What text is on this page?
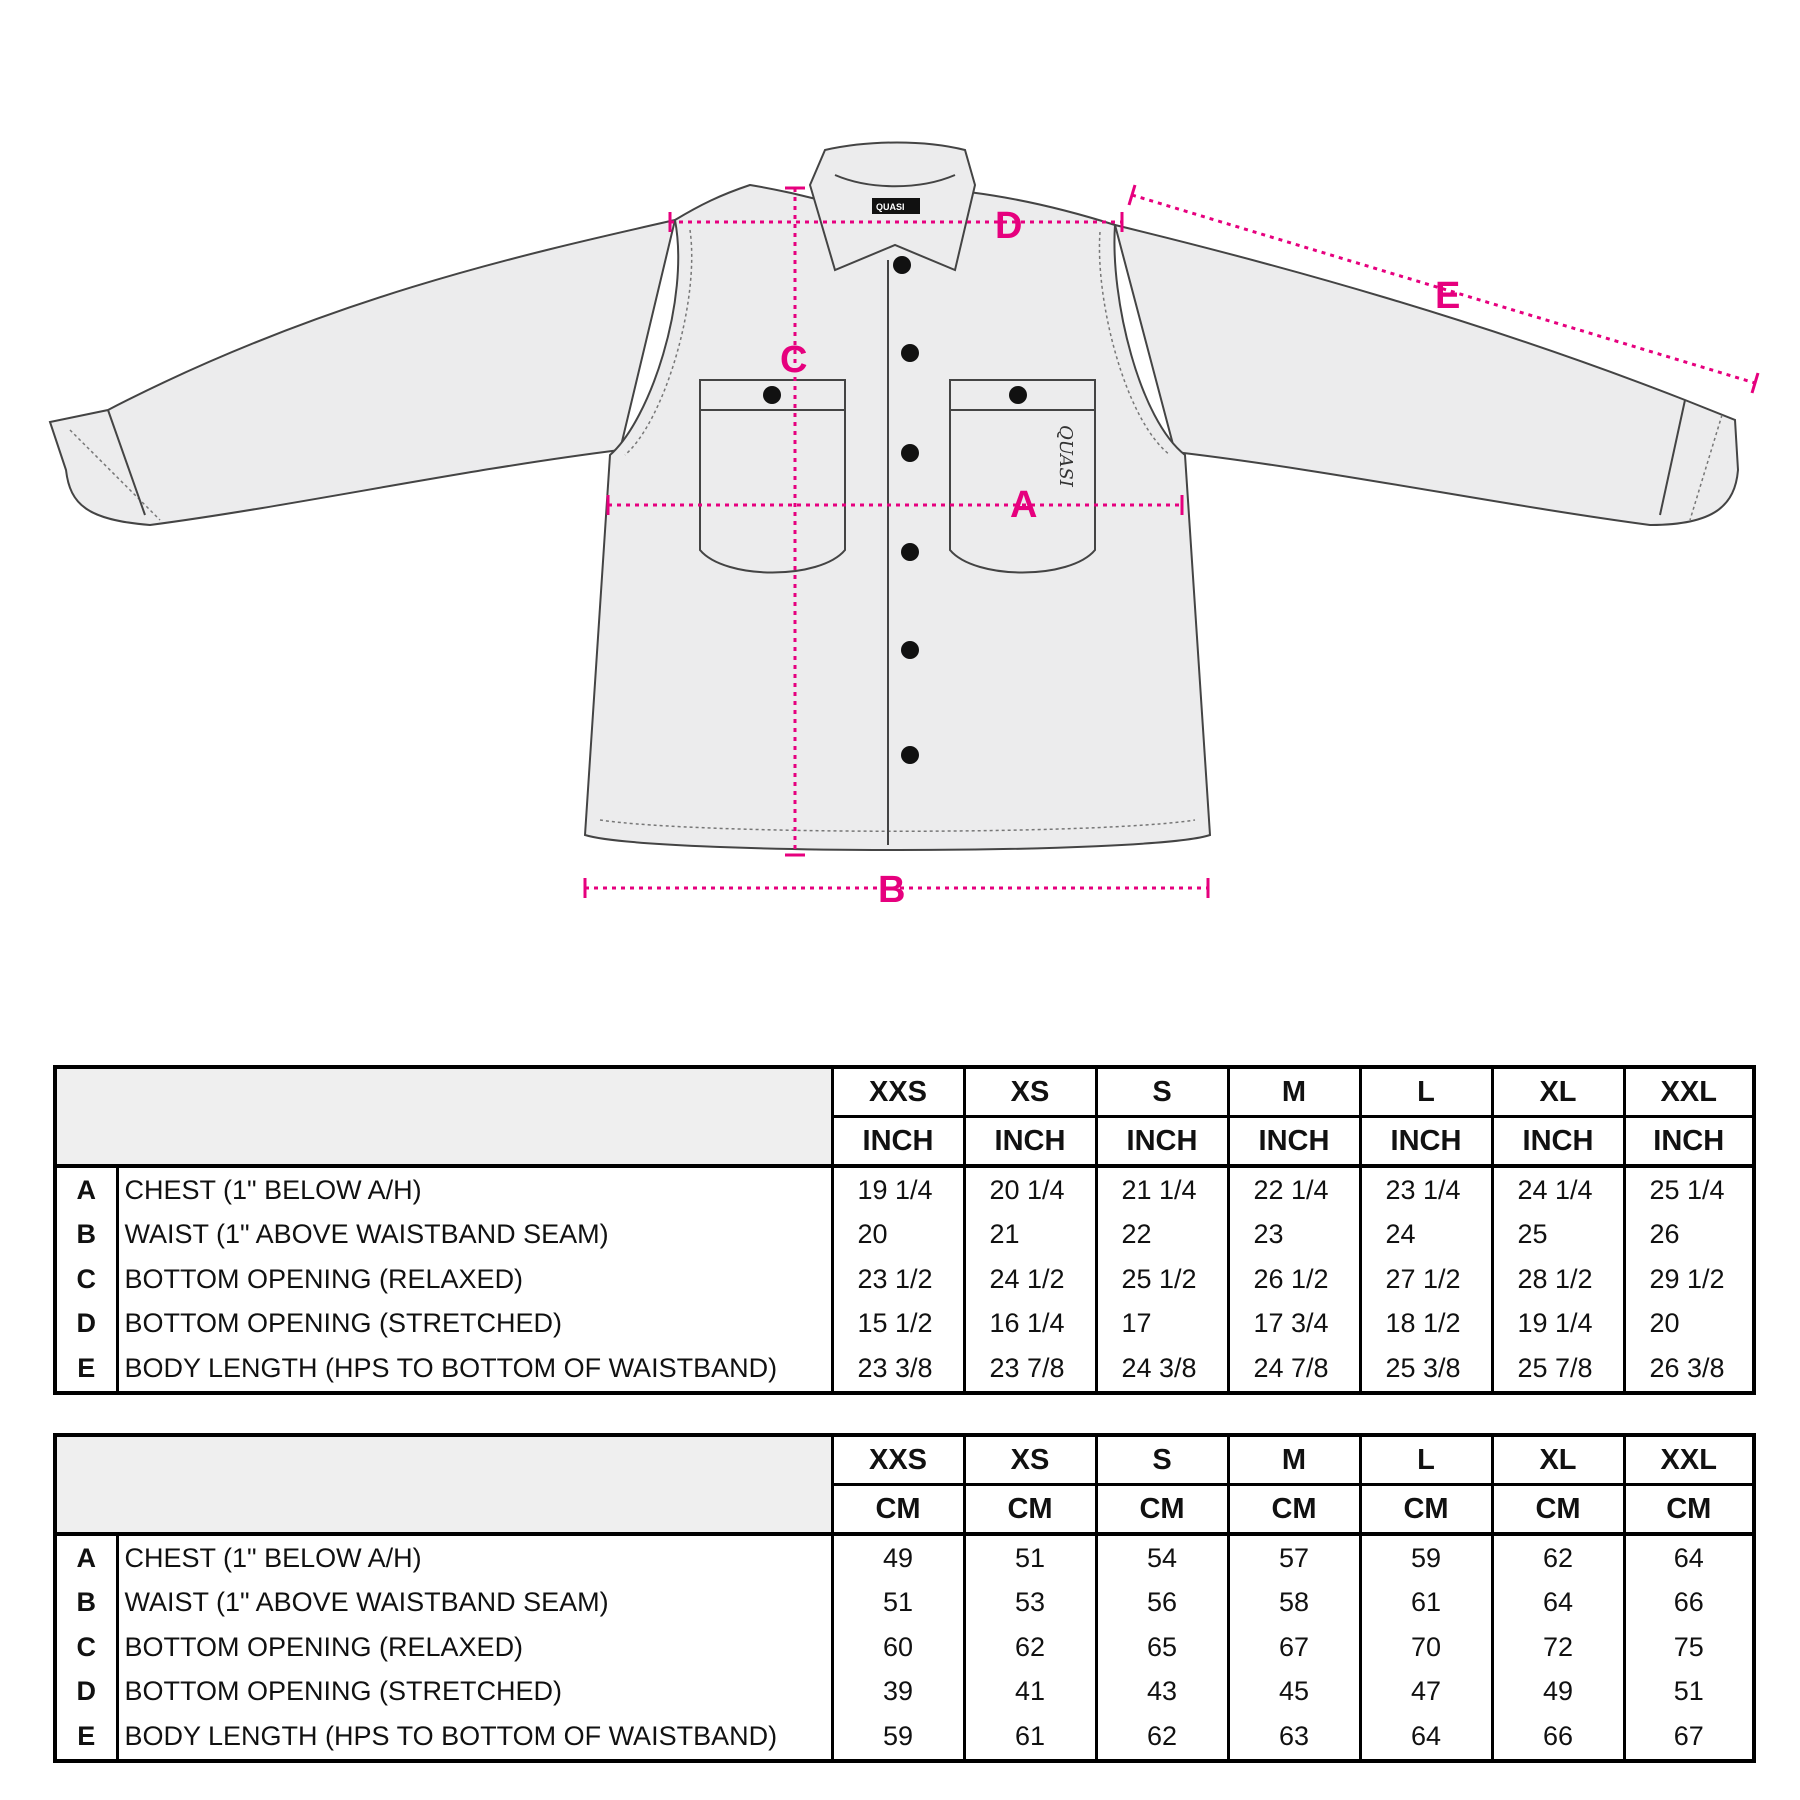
QUASI
QUASI
A
B
C
D
E
		XXS	XS	S	M	L	XL	XXL
		INCH	INCH	INCH	INCH	INCH	INCH	INCH
A	CHEST (1" BELOW A/H)	19 1/4	20 1/4	21 1/4	22 1/4	23 1/4	24 1/4	25 1/4
B	WAIST (1" ABOVE WAISTBAND SEAM)	20	21	22	23	24	25	26
C	BOTTOM OPENING (RELAXED)	23 1/2	24 1/2	25 1/2	26 1/2	27 1/2	28 1/2	29 1/2
D	BOTTOM OPENING (STRETCHED)	15 1/2	16 1/4	17	17 3/4	18 1/2	19 1/4	20
E	BODY LENGTH (HPS TO BOTTOM OF WAISTBAND)	23 3/8	23 7/8	24 3/8	24 7/8	25 3/8	25 7/8	26 3/8
		XXS	XS	S	M	L	XL	XXL
		CM	CM	CM	CM	CM	CM	CM
A	CHEST (1" BELOW A/H)	49	51	54	57	59	62	64
B	WAIST (1" ABOVE WAISTBAND SEAM)	51	53	56	58	61	64	66
C	BOTTOM OPENING (RELAXED)	60	62	65	67	70	72	75
D	BOTTOM OPENING (STRETCHED)	39	41	43	45	47	49	51
E	BODY LENGTH (HPS TO BOTTOM OF WAISTBAND)	59	61	62	63	64	66	67
